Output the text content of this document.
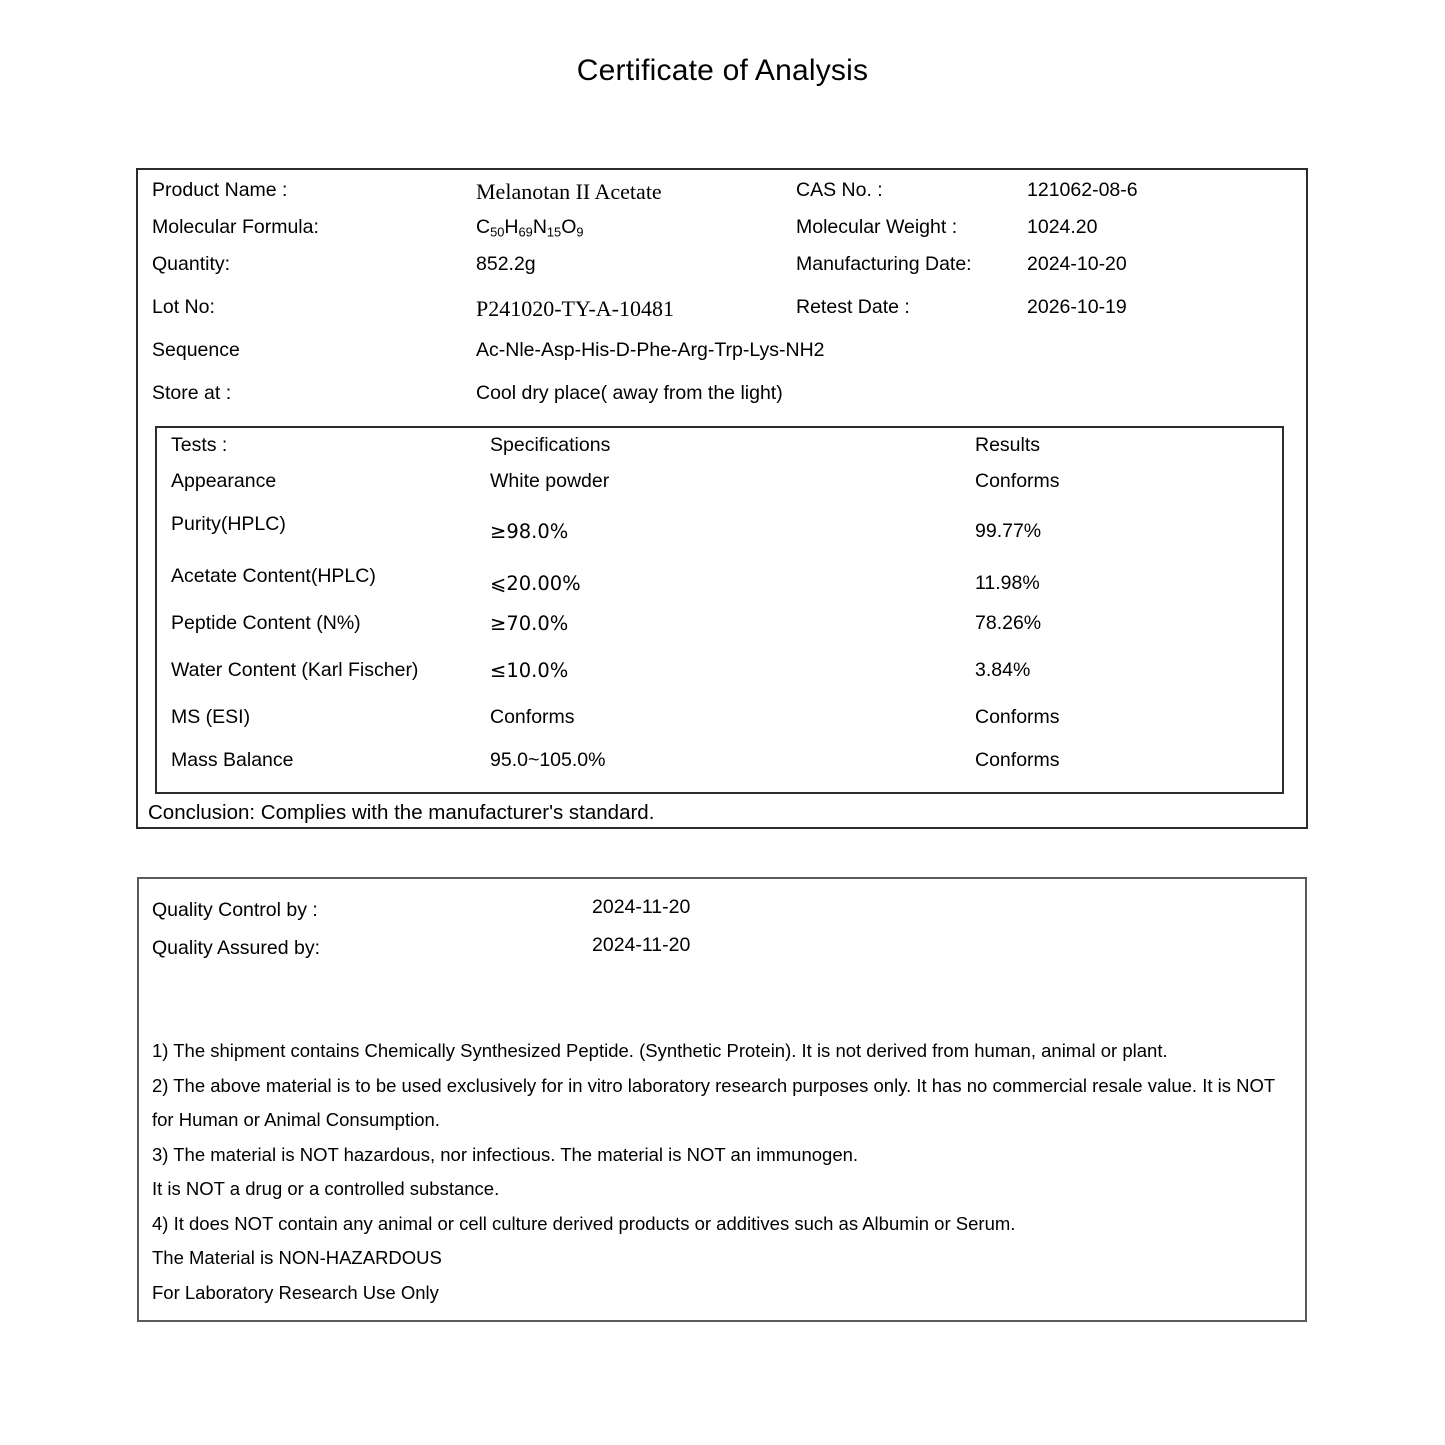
Certificate of Analysis
Product Name :	Melanotan II Acetate	CAS No. :	121062-08-6
Molecular Formula:	$C_{50}H_{69}N_{15}O_9$	Molecular Weight :	1024.20
Quantity:	852.2g	Manufacturing Date:	2024-10-20
Lot No:	P241020-TY-A-10481	Retest Date :	2026-10-19
Sequence	Ac-Nle-Asp-His-D-Phe-Arg-Trp-Lys-NH2
Store at :	Cool dry place( away from the light)
Tests :	Specifications	Results
Appearance	White powder	Conforms
Purity(HPLC)	≥98.0%	99.77%
Acetate Content(HPLC)	⩽20.00%	11.98%
Peptide Content (N%)	≥70.0%	78.26%
Water Content (Karl Fischer)	≤10.0%	3.84%
MS (ESI)	Conforms	Conforms
Mass Balance	95.0~105.0%	Conforms
Conclusion: Complies with the manufacturer's standard.
Quality Control by :	2024-11-20
Quality Assured by:	2024-11-20
1) The shipment contains Chemically Synthesized Peptide. (Synthetic Protein). It is not derived from human, animal or plant.
2) The above material is to be used exclusively for in vitro laboratory research purposes only. It has no commercial resale value. It is NOT for Human or Animal Consumption.
3) The material is NOT hazardous, nor infectious. The material is NOT an immunogen.
It is NOT a drug or a controlled substance.
4) It does NOT contain any animal or cell culture derived products or additives such as Albumin or Serum.
The Material is NON-HAZARDOUS
For Laboratory Research Use Only
